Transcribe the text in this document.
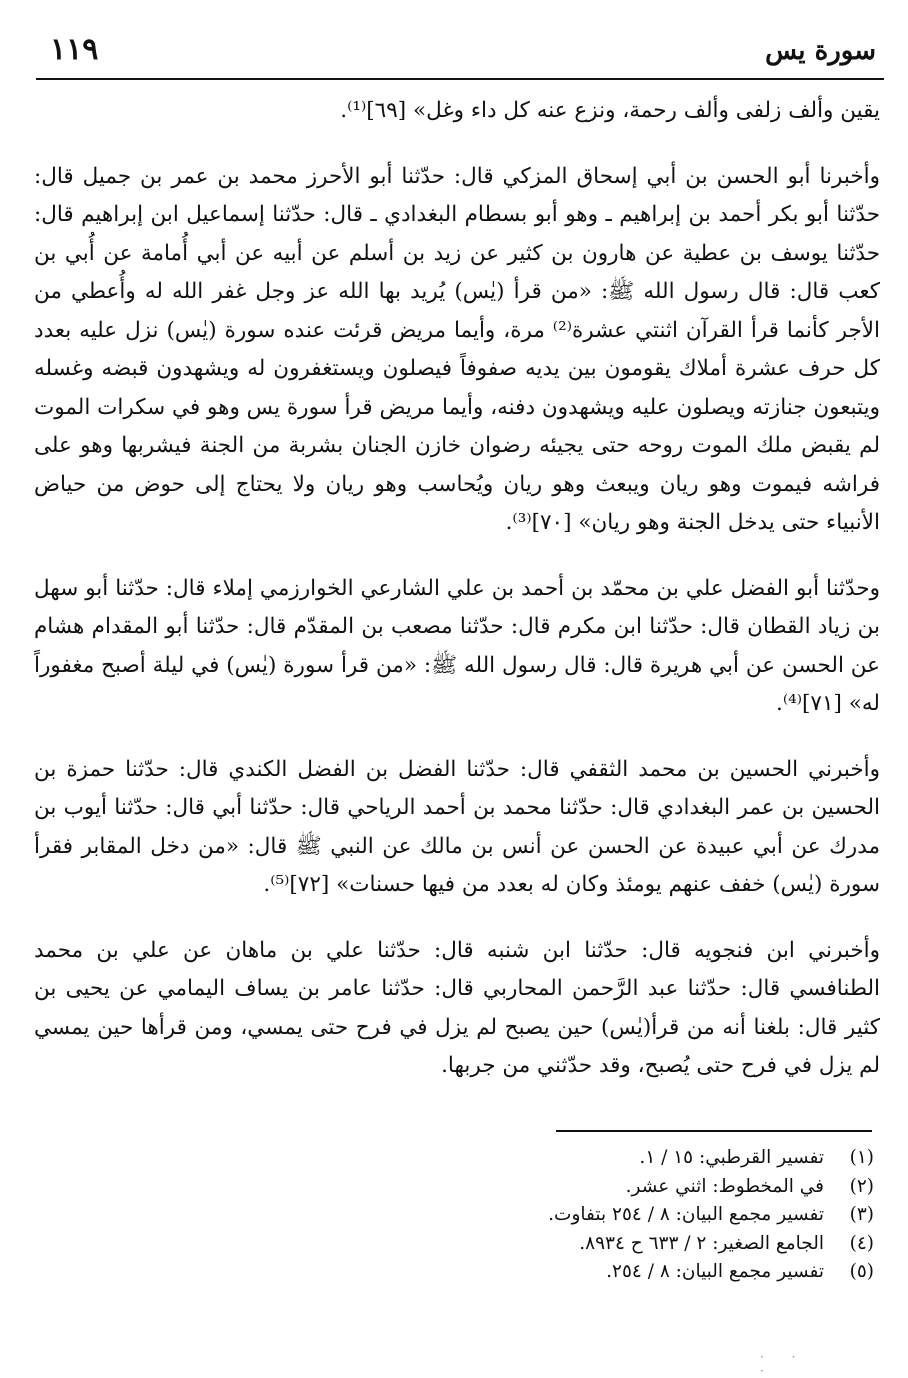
١١٩	سورة يس

يقين وألف زلفى وألف رحمة، ونزع عنه كل داء وغل» [٦٩]⁽¹⁾.

وأخبرنا أبو الحسن بن أبي إسحاق المزكي قال: حدّثنا أبو الأحرز محمد بن عمر بن جميل قال: حدّثنا أبو بكر أحمد بن إبراهيم ـ وهو أبو بسطام البغدادي ـ قال: حدّثنا إسماعيل ابن إبراهيم قال: حدّثنا يوسف بن عطية عن هارون بن كثير عن زيد بن أسلم عن أبيه عن أبي أُمامة عن أُبي بن كعب قال: قال رسول الله ﷺ: «من قرأ (يٰس) يُريد بها الله عز وجل غفر الله له وأُعطي من الأجر كأنما قرأ القرآن اثنتي عشرة⁽²⁾ مرة، وأيما مريض قرئت عنده سورة (يٰس) نزل عليه بعدد كل حرف عشرة أملاك يقومون بين يديه صفوفاً فيصلون ويستغفرون له ويشهدون قبضه وغسله ويتبعون جنازته ويصلون عليه ويشهدون دفنه، وأيما مريض قرأ سورة يس وهو في سكرات الموت لم يقبض ملك الموت روحه حتى يجيئه رضوان خازن الجنان بشربة من الجنة فيشربها وهو على فراشه فيموت وهو ريان ويبعث وهو ريان ويُحاسب وهو ريان ولا يحتاج إلى حوض من حياض الأنبياء حتى يدخل الجنة وهو ريان» [٧٠]⁽³⁾.

وحدّثنا أبو الفضل علي بن محمّد بن أحمد بن علي الشارعي الخوارزمي إملاء قال: حدّثنا أبو سهل بن زياد القطان قال: حدّثنا ابن مكرم قال: حدّثنا مصعب بن المقدّم قال: حدّثنا أبو المقدام هشام عن الحسن عن أبي هريرة قال: قال رسول الله ﷺ: «من قرأ سورة (يٰس) في ليلة أصبح مغفوراً له» [٧١]⁽⁴⁾.

وأخبرني الحسين بن محمد الثقفي قال: حدّثنا الفضل بن الفضل الكندي قال: حدّثنا حمزة بن الحسين بن عمر البغدادي قال: حدّثنا محمد بن أحمد الرياحي قال: حدّثنا أبي قال: حدّثنا أيوب بن مدرك عن أبي عبيدة عن الحسن عن أنس بن مالك عن النبي ﷺ قال: «من دخل المقابر فقرأ سورة (يٰس) خفف عنهم يومئذ وكان له بعدد من فيها حسنات» [٧٢]⁽⁵⁾.

وأخبرني ابن فنجويه قال: حدّثنا ابن شنبه قال: حدّثنا علي بن ماهان عن علي بن محمد الطنافسي قال: حدّثنا عبد الرَّحمن المحاربي قال: حدّثنا عامر بن يساف اليمامي عن يحيى بن كثير قال: بلغنا أنه من قرأ(يٰس) حين يصبح لم يزل في فرح حتى يمسي، ومن قرأها حين يمسي لم يزل في فرح حتى يُصبح، وقد حدّثني من جربها.

(١)تفسير القرطبي: ١٥ / ١.
(٢)في المخطوط: اثني عشر.
(٣)تفسير مجمع البيان: ٨ / ٢٥٤ بتفاوت.
(٤)الجامع الصغير: ٢ / ٦٣٣ ح ٨٩٣٤.
(٥)تفسير مجمع البيان: ٨ / ٢٥٤.
· · ·
